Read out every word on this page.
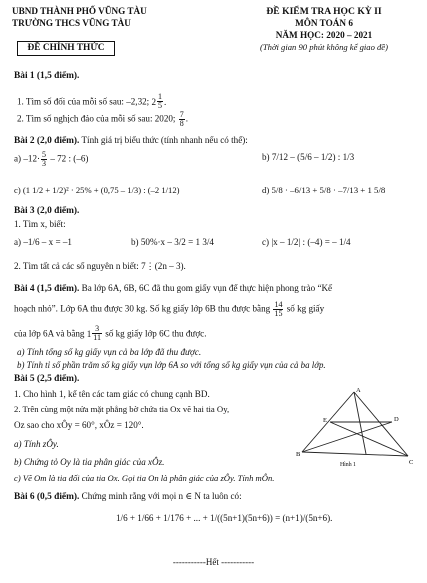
UBND THÀNH PHỐ VŨNG TÀU
TRƯỜNG THCS VŨNG TÀU
ĐỀ CHÍNH THỨC
ĐỀ KIỂM TRA HỌC KỲ II
MÔN TOÁN 6
NĂM HỌC: 2020 – 2021
(Thời gian 90 phút không kể giao đề)
Bài 1 (1,5 điểm).
1. Tìm số đối của mỗi số sau: –2,32; $2 \frac{1}{5}$ .
2. Tìm số nghịch đảo của mỗi số sau: 2020; $\frac{7}{8}$ .
Bài 2 (2,0 điểm). Tính giá trị biểu thức (tính nhanh nếu có thể):
a) $-12\cdot \frac{5}{3} - 72$ : (–6)	b) 7/12 – (5/6 – 1/2) : 1/3
c) (1 1/2 + 1/2)² · 25% + (0,75 – 1/3) : (–2 1/12)	d) 5/8 · –6/13 + 5/8 · –7/13 + 1 5/8
Bài 3 (2,0 điểm).
1. Tìm x, biết:
a) –1/6 – x = –1	b) 50%·x – 3/2 = 1 3/4	c) |x – 1/2| : (–4) = – 1/4
2. Tìm tất cả các số nguyên n biết: 7⋮(2n – 3).
Bài 4 (1,5 điểm). Ba lớp 6A, 6B, 6C đã thu gom giấy vụn để thực hiện phong trào “Kế
hoạch nhỏ”. Lớp 6A thu được 30 kg. Số kg giấy lớp 6B thu được bằng $\frac{14}{15}$ số kg giấy
của lớp 6A và bằng $1 \frac{3}{11}$ số kg giấy lớp 6C thu được.
a) Tính tổng số kg giấy vụn cả ba lớp đã thu được.
b) Tính tỉ số phần trăm số kg giấy vụn lớp 6A so với tổng số kg giấy vụn của cả ba lớp.
Bài 5 (2,5 điểm).
1. Cho hình 1, kể tên các tam giác có chung cạnh BD.
2. Trên cùng một nửa mặt phẳng bờ chứa tia Ox vẽ hai tia Oy,
Oz sao cho xÔy = 60°, xÔz = 120°.
a) Tính zÔy.
b) Chứng tỏ Oy là tia phân giác của xÔz.
c) Vẽ Om là tia đối của tia Ox. Gọi tia On là phân giác của zÔy. Tính mÔn.
A
B
C
D
E
Hình 1
Bài 6 (0,5 điểm). Chứng minh rằng với mọi n ∈ N ta luôn có:
1/6 + 1/66 + 1/176 + ... + 1/((5n+1)(5n+6)) = (n+1)/(5n+6).
-----------Hết -----------
